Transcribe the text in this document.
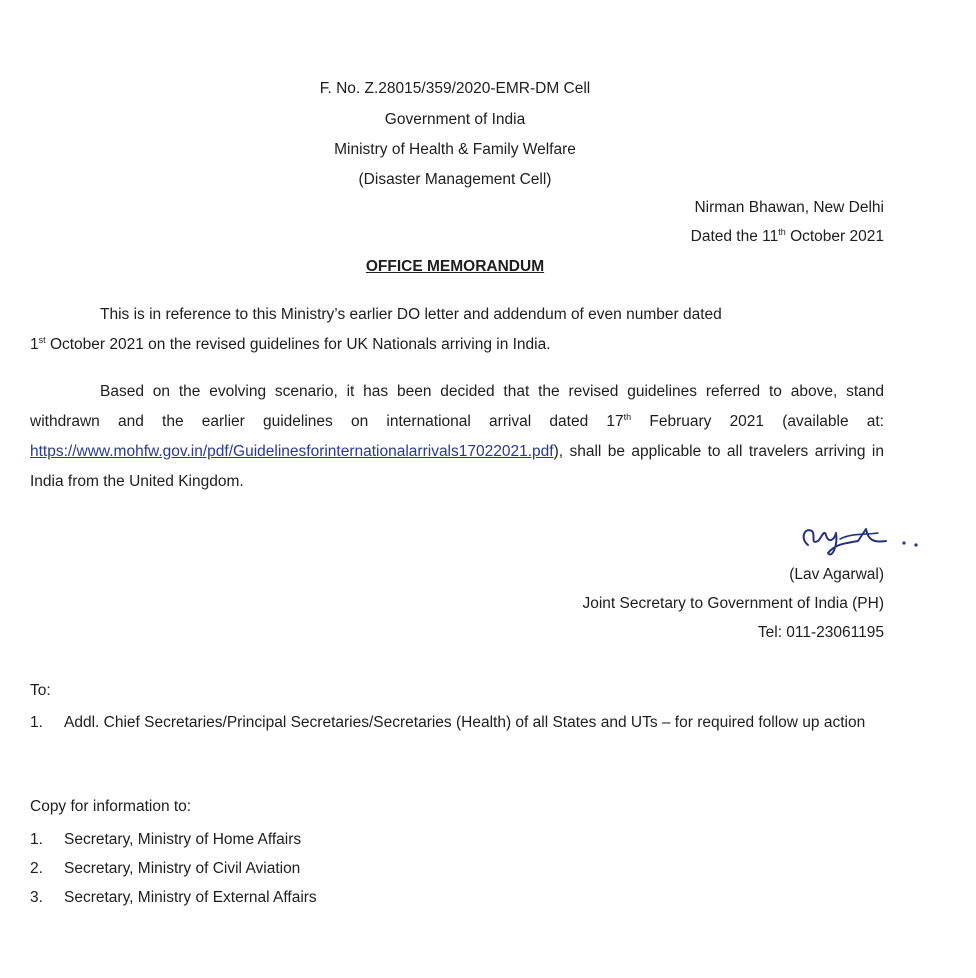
F. No. Z.28015/359/2020-EMR-DM Cell
Government of India
Ministry of Health & Family Welfare
(Disaster Management Cell)
Nirman Bhawan, New Delhi
Dated the 11th October 2021
OFFICE MEMORANDUM
This is in reference to this Ministry’s earlier DO letter and addendum of even number dated
1st October 2021 on the revised guidelines for UK Nationals arriving in India.
Based on the evolving scenario, it has been decided that the revised guidelines referred to above, stand withdrawn and the earlier guidelines on international arrival dated 17th February 2021 (available at: https://www.mohfw.gov.in/pdf/Guidelinesforinternationalarrivals17022021.pdf), shall be applicable to all travelers arriving in India from the United Kingdom.
(Lav Agarwal)
Joint Secretary to Government of India (PH)
Tel: 011-23061195
To:
1.	Addl. Chief Secretaries/Principal Secretaries/Secretaries (Health) of all States and UTs – for required follow up action
Copy for information to:
1.	Secretary, Ministry of Home Affairs
2.	Secretary, Ministry of Civil Aviation
3.	Secretary, Ministry of External Affairs
